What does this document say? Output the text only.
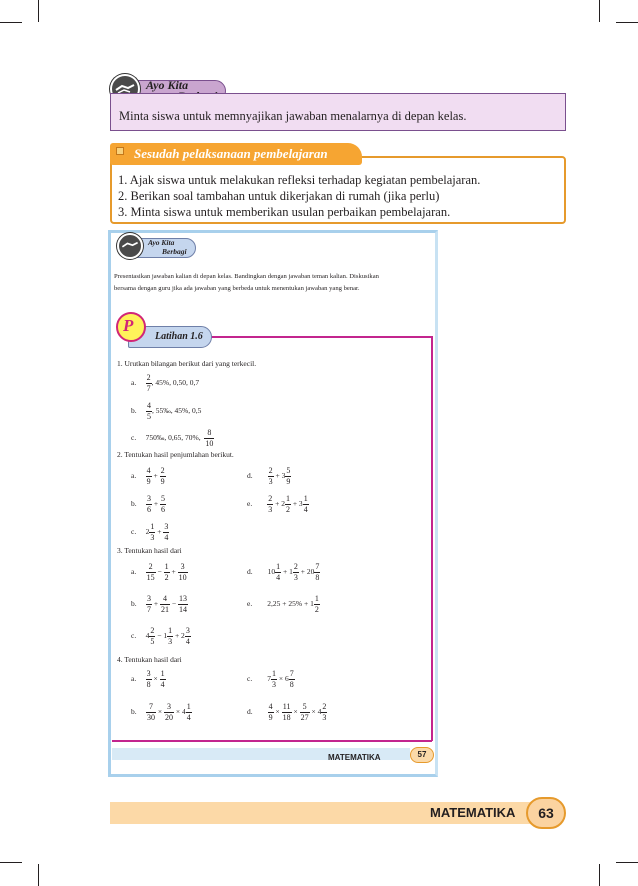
Ayo Kita

Minta siswa untuk memnyajikan jawaban menalarnya di depan kelas.

Sesudah pelaksanaan pembelajaran
1. Ajak siswa untuk melakukan refleksi terhadap kegiatan pembelajaran.
2. Berikan soal tambahan untuk dikerjakan di rumah (jika perlu)
3. Minta siswa untuk memberikan usulan perbaikan pembelajaran.
Ayo Kita
Berbagi
Presentasikan jawaban kalian di depan kelas. Bandingkan dengan jawaban teman kalian. Diskusikan
bersama dengan guru jika ada jawaban yang berbeda untuk menentukan jawaban yang benar.
Latihan 1.6
P
1. Urutkan bilangan berikut dari yang terkecil.
a. $\frac{2}{7}$ , 45%, 0,50, 0,7
b. $\frac{4}{5}$ , 55‰, 45%, 0,5
c. 750‰, 0,65, 70%, $\frac{8}{10}$
2. Tentukan hasil penjumlahan berikut.
a. $\frac{4}{9} + \frac{2}{9}$	d. $\frac{2}{3} + 3 \frac{5}{9}$
b. $\frac{3}{6} + \frac{5}{6}$	e. $\frac{2}{3} + 2 \frac{1}{2} + 3 \frac{1}{4}$
c.     $2 \frac{1}{3} + \frac{3}{4}$
3. Tentukan hasil dari
a. $\frac{2}{15} - \frac{1}{2} + \frac{3}{10}$	d.        $10 \frac{1}{4} + 1 \frac{2}{3} + 20 \frac{7}{8}$
b. $\frac{3}{7} + \frac{4}{21} - \frac{13}{14}$	e. $2,25 + 25\% + 1 \frac{1}{2}$
c.     $4 \frac{2}{5} - 1 \frac{1}{3} + 2 \frac{3}{4}$
4. Tentukan hasil dari
a. $\frac{3}{8} \times \frac{1}{4}$	c.        $7 \frac{1}{3} \times 6 \frac{7}{8}$
b. $\frac{7}{30} \times \frac{3}{20} \times 4 \frac{1}{4}$	d. $\frac{4}{9} \times \frac{11}{18} \times \frac{5}{27} \times 4 \frac{2}{3}$
MATEMATIKA	57
MATEMATIKA	63
